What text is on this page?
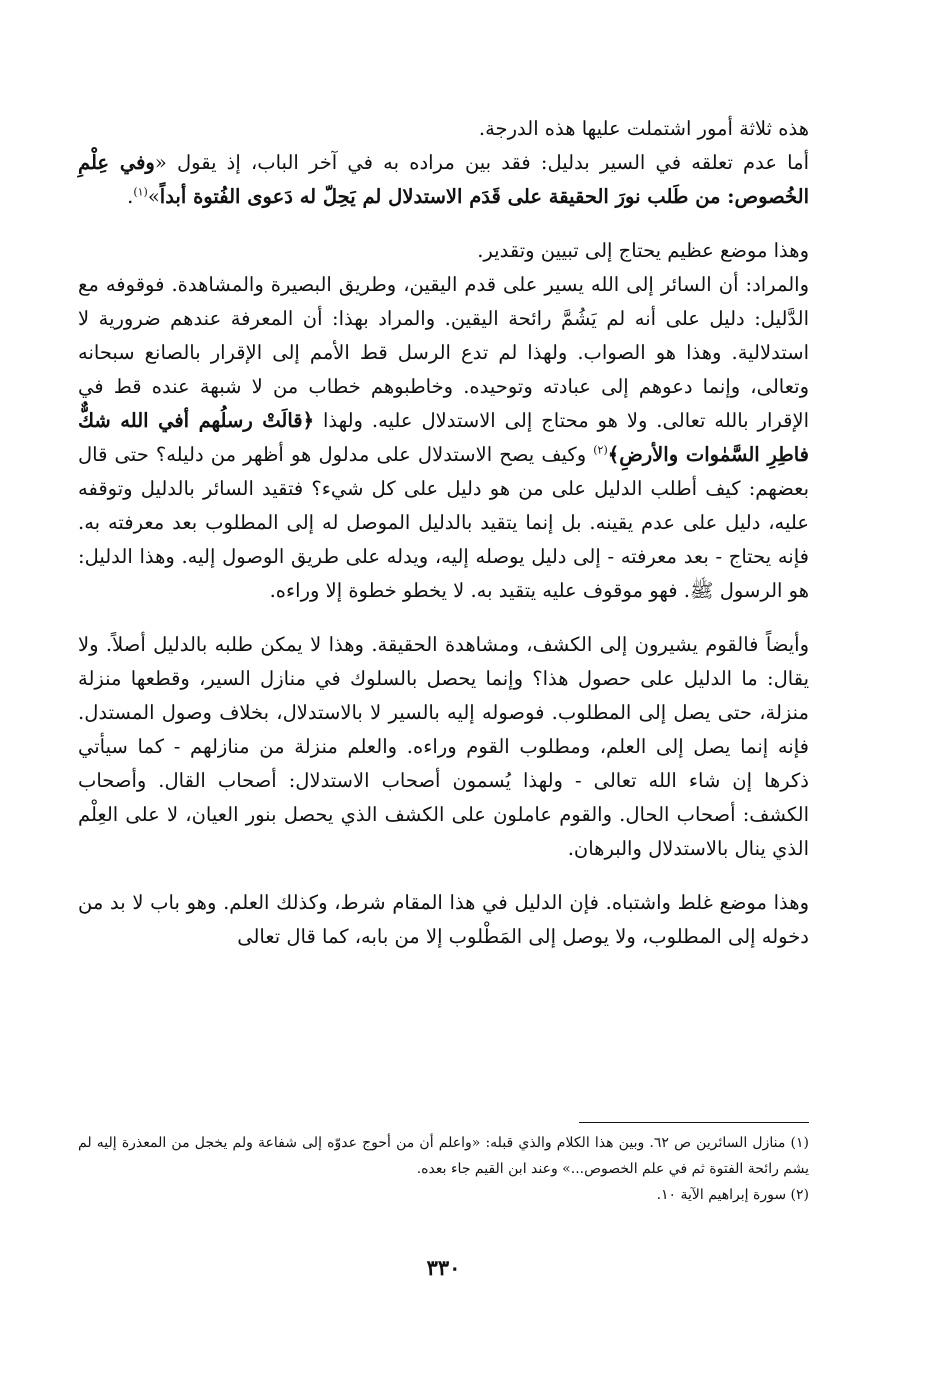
هذه ثلاثة أمور اشتملت عليها هذه الدرجة.

أما عدم تعلقه في السير بدليل: فقد بين مراده به في آخر الباب، إذ يقول «وفي عِلْمِ الخُصوص: من طَلب نورَ الحقيقة على قَدَم الاستدلال لم يَحِلّ له دَعوى الفُتوة أبداً»$^{(١)}$.

وهذا موضع عظيم يحتاج إلى تبيين وتقدير.

والمراد: أن السائر إلى الله يسير على قدم اليقين، وطريق البصيرة والمشاهدة. فوقوفه مع الدَّليل: دليل على أنه لم يَشُمَّ رائحة اليقين. والمراد بهذا: أن المعرفة عندهم ضرورية لا استدلالية. وهذا هو الصواب. ولهذا لم تدع الرسل قط الأمم إلى الإقرار بالصانع سبحانه وتعالى، وإنما دعوهم إلى عبادته وتوحيده. وخاطبوهم خطاب من لا شبهة عنده قط في الإقرار بالله تعالى. ولا هو محتاج إلى الاستدلال عليه. ولهذا ﴿قالَتْ رسلُهم أفي الله شكٌّ فاطِرِ السَّمٰوات والأرضِ﴾$^{(٢)}$ وكيف يصح الاستدلال على مدلول هو أظهر من دليله؟ حتى قال بعضهم: كيف أطلب الدليل على من هو دليل على كل شيء؟ فتقيد السائر بالدليل وتوقفه عليه، دليل على عدم يقينه. بل إنما يتقيد بالدليل الموصل له إلى المطلوب بعد معرفته به. فإنه يحتاج - بعد معرفته - إلى دليل يوصله إليه، ويدله على طريق الوصول إليه. وهذا الدليل: هو الرسول ﷺ. فهو موقوف عليه يتقيد به. لا يخطو خطوة إلا وراءه.

وأيضاً فالقوم يشيرون إلى الكشف، ومشاهدة الحقيقة. وهذا لا يمكن طلبه بالدليل أصلاً. ولا يقال: ما الدليل على حصول هذا؟ وإنما يحصل بالسلوك في منازل السير، وقطعها منزلة منزلة، حتى يصل إلى المطلوب. فوصوله إليه بالسير لا بالاستدلال، بخلاف وصول المستدل. فإنه إنما يصل إلى العلم، ومطلوب القوم وراءه. والعلم منزلة من منازلهم - كما سيأتي ذكرها إن شاء الله تعالى - ولهذا يُسمون أصحاب الاستدلال: أصحاب القال. وأصحاب الكشف: أصحاب الحال. والقوم عاملون على الكشف الذي يحصل بنور العيان، لا على العِلْم الذي ينال بالاستدلال والبرهان.

وهذا موضع غلط واشتباه. فإن الدليل في هذا المقام شرط، وكذلك العلم. وهو باب لا بد من دخوله إلى المطلوب، ولا يوصل إلى المَطْلوب إلا من بابه، كما قال تعالى

(١) منازل السائرين ص ٦٢. وبين هذا الكلام والذي قبله: «واعلم أن من أحوج عدوّه إلى شفاعة ولم يخجل من المعذرة إليه لم يشم رائحة الفتوة ثم في علم الخصوص...» وعند ابن القيم جاء بعده.

(٢) سورة إبراهيم الآية ١٠.

٣٣٠
